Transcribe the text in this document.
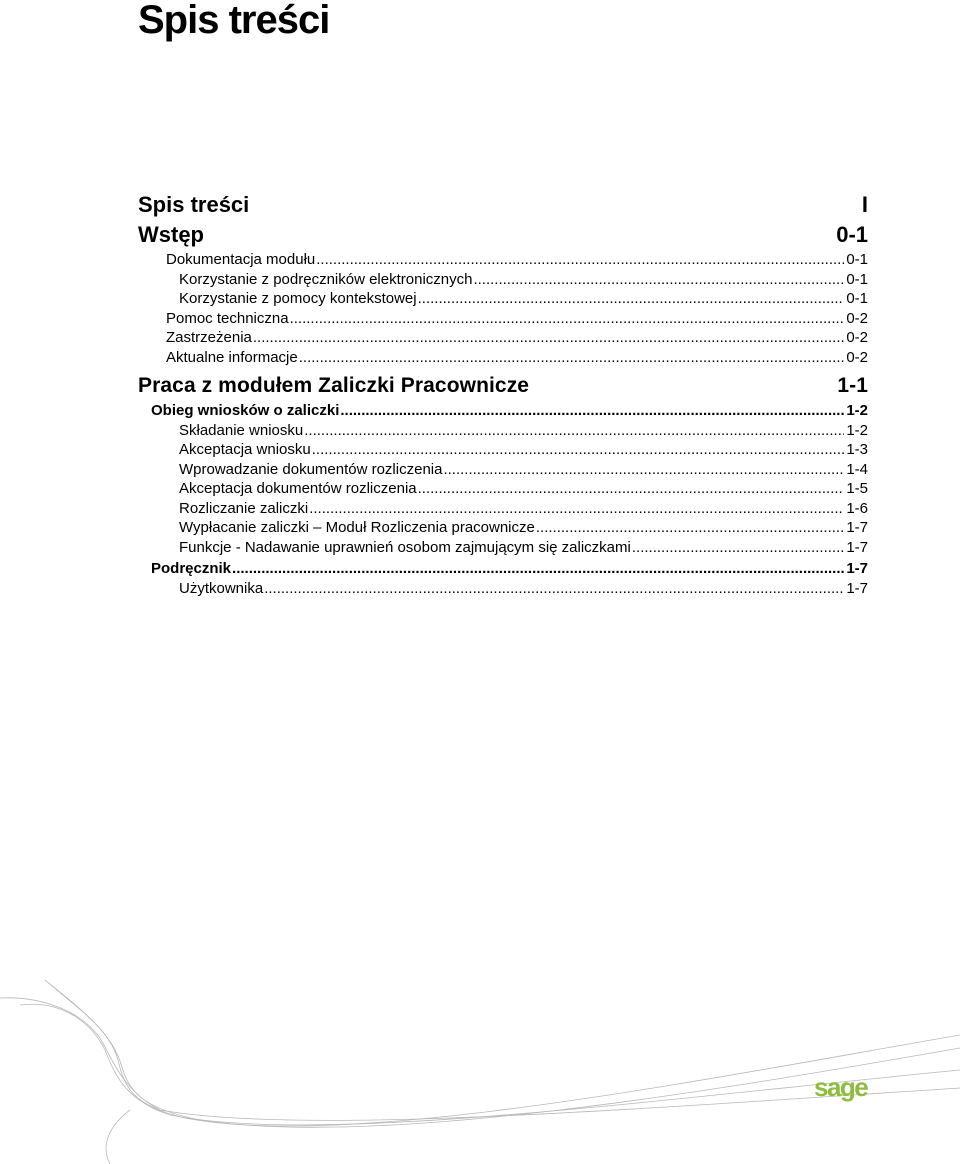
Spis treści
Spis treści	I
Wstęp	0-1
Dokumentacja modułu .....	0-1
Korzystanie z podręczników elektronicznych .....	0-1
Korzystanie z pomocy kontekstowej .....	0-1
Pomoc techniczna .....	0-2
Zastrzeżenia .....	0-2
Aktualne informacje .....	0-2
Praca z modułem Zaliczki Pracownicze	1-1
Obieg wniosków o zaliczki .....	1-2
Składanie wniosku .....	1-2
Akceptacja wniosku .....	1-3
Wprowadzanie dokumentów rozliczenia .....	1-4
Akceptacja dokumentów rozliczenia .....	1-5
Rozliczanie zaliczki .....	1-6
Wypłacanie zaliczki – Moduł Rozliczenia pracownicze .....	1-7
Funkcje - Nadawanie uprawnień osobom zajmującym się zaliczkami .....	1-7
Podręcznik .....	1-7
Użytkownika .....	1-7
sage
